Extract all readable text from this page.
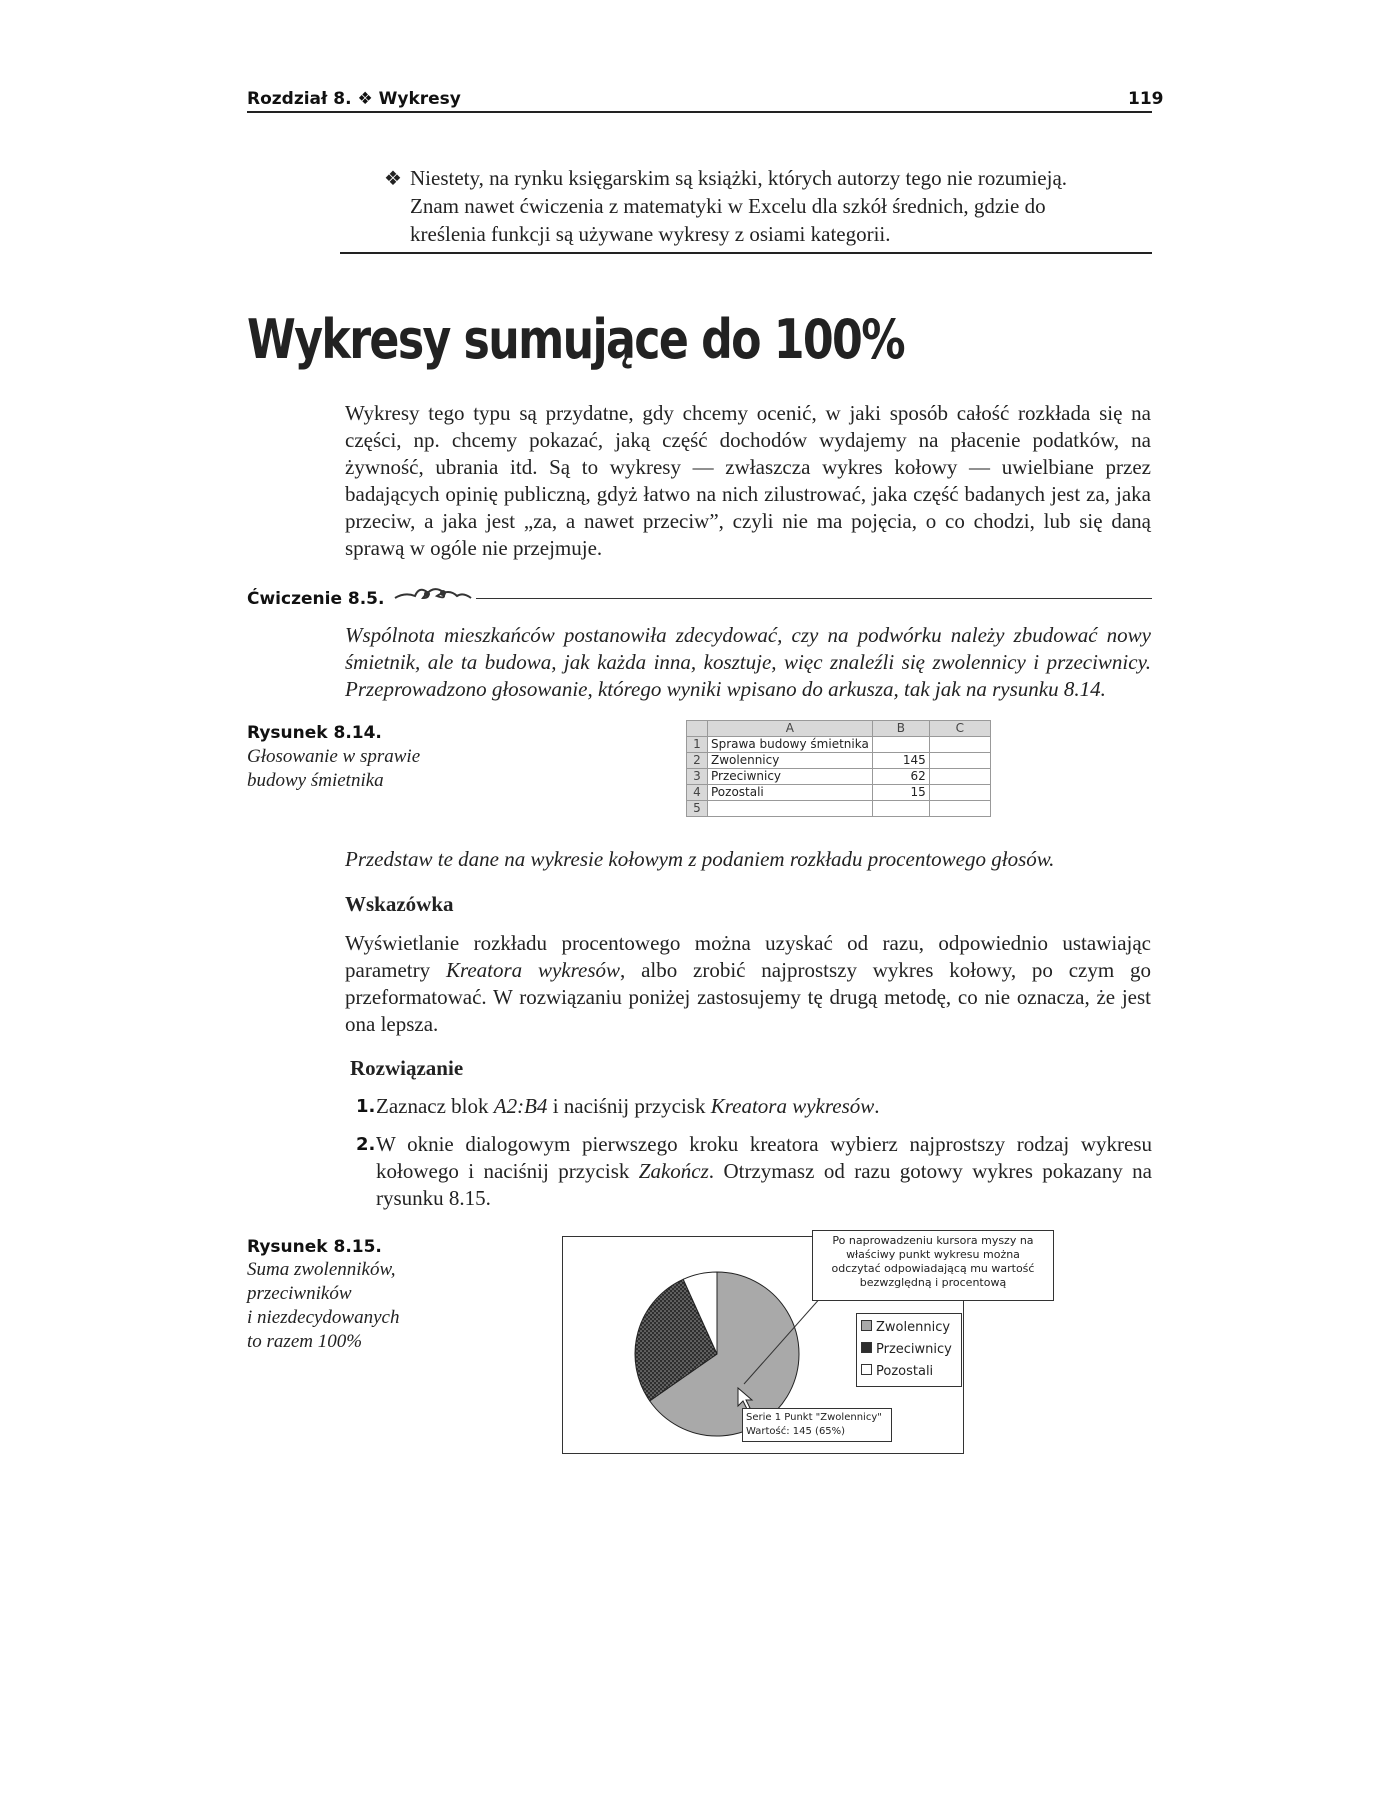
Rozdział 8. ❖ Wykresy	119
❖ Niestety, na rynku księgarskim są książki, których autorzy tego nie rozumieją.
Znam nawet ćwiczenia z matematyki w Excelu dla szkół średnich, gdzie do
kreślenia funkcji są używane wykresy z osiami kategorii.
Wykresy sumujące do 100%
Wykresy tego typu są przydatne, gdy chcemy ocenić, w jaki sposób całość rozkłada się na części, np. chcemy pokazać, jaką część dochodów wydajemy na płacenie podatków, na żywność, ubrania itd. Są to wykresy — zwłaszcza wykres kołowy — uwielbiane przez badających opinię publiczną, gdyż łatwo na nich zilustrować, jaka część badanych jest za, jaka przeciw, a jaka jest „za, a nawet przeciw”, czyli nie ma pojęcia, o co chodzi, lub się daną sprawą w ogóle nie przejmuje.
Ćwiczenie 8.5.
Wspólnota mieszkańców postanowiła zdecydować, czy na podwórku należy zbudować nowy śmietnik, ale ta budowa, jak każda inna, kosztuje, więc znaleźli się zwolennicy i przeciwnicy. Przeprowadzono głosowanie, którego wyniki wpisano do arkusza, tak jak na rysunku 8.14.
Rysunek 8.14.
Głosowanie w sprawie
budowy śmietnika
	A	B	C
1	Sprawa budowy śmietnika		
2	Zwolennicy	145	
3	Przeciwnicy	62	
4	Pozostali	15	
5			
Przedstaw te dane na wykresie kołowym z podaniem rozkładu procentowego głosów.
Wskazówka
Wyświetlanie rozkładu procentowego można uzyskać od razu, odpowiednio ustawiając parametry Kreatora wykresów, albo zrobić najprostszy wykres kołowy, po czym go przeformatować. W rozwiązaniu poniżej zastosujemy tę drugą metodę, co nie oznacza, że jest ona lepsza.
Rozwiązanie
1. Zaznacz blok A2:B4 i naciśnij przycisk Kreatora wykresów.
2. W oknie dialogowym pierwszego kroku kreatora wybierz najprostszy rodzaj wykresu kołowego i naciśnij przycisk Zakończ. Otrzymasz od razu gotowy wykres pokazany na rysunku 8.15.
Rysunek 8.15.
Suma zwolenników,
przeciwników
i niezdecydowanych
to razem 100%
Po naprowadzeniu kursora myszy na
właściwy punkt wykresu można
odczytać odpowiadającą mu wartość
bezwzględną i procentową
Zwolennicy
Przeciwnicy
Pozostali
Serie 1 Punkt "Zwolennicy"
Wartość: 145 (65%)
